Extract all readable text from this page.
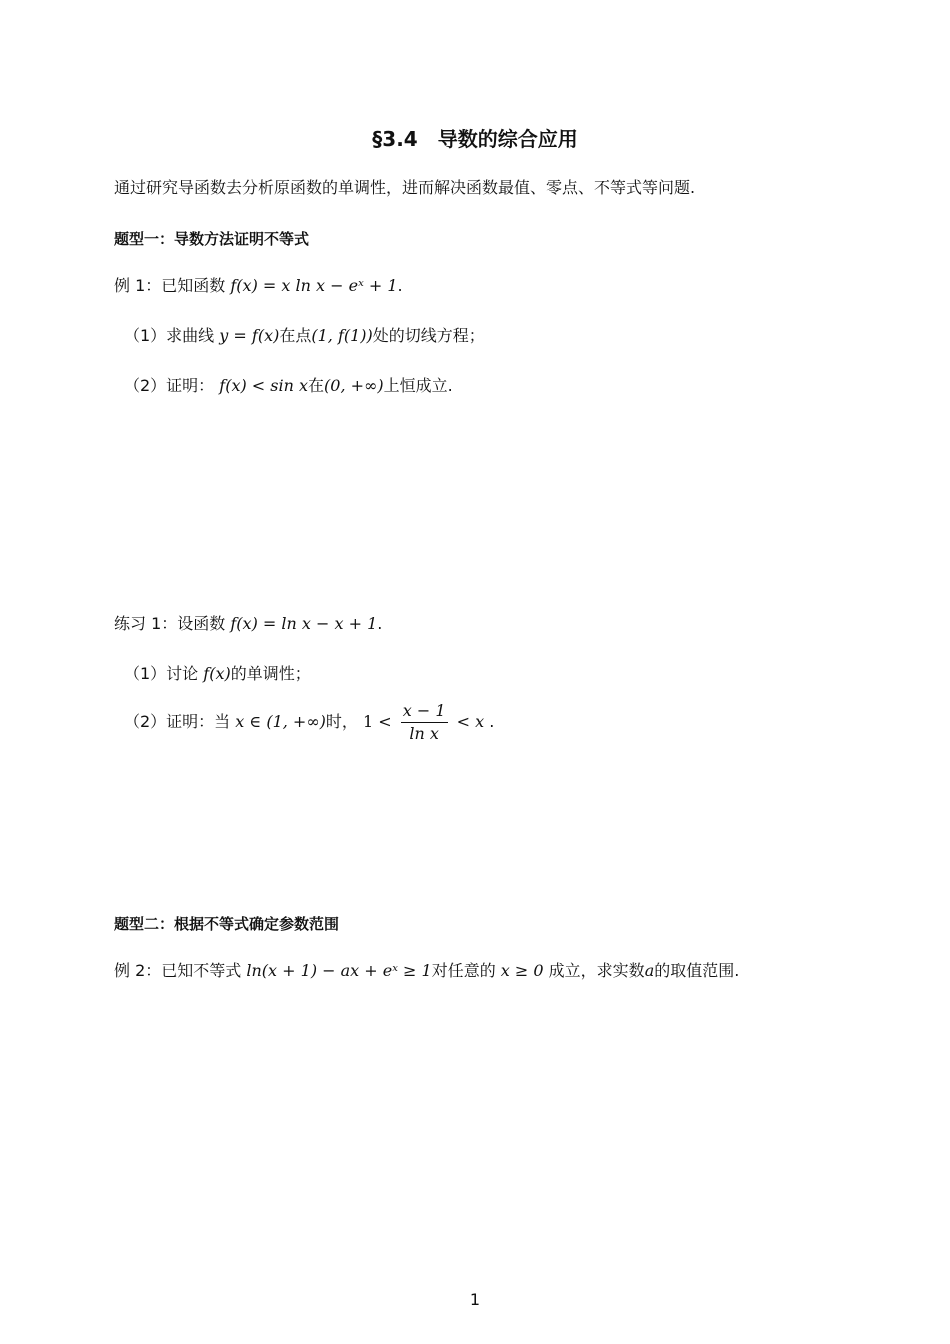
§3.4　导数的综合应用
通过研究导函数去分析原函数的单调性，进而解决函数最值、零点、不等式等问题.
题型一：导数方法证明不等式
例 1：已知函数 f(x) = x ln x − eˣ + 1.
（1）求曲线 y = f(x)在点(1, f(1))处的切线方程；
（2）证明： f(x) < sin x在(0, +∞)上恒成立.
练习 1：设函数 f(x) = ln x − x + 1.
（1）讨论 f(x)的单调性；
（2）证明：当 x ∈ (1, +∞)时， $1 < \frac{x - 1}{\text{ln x}} < x$ .
题型二：根据不等式确定参数范围
例 2：已知不等式 ln(x + 1) − ax + eˣ ≥ 1对任意的 x ≥ 0 成立，求实数a的取值范围.
1
